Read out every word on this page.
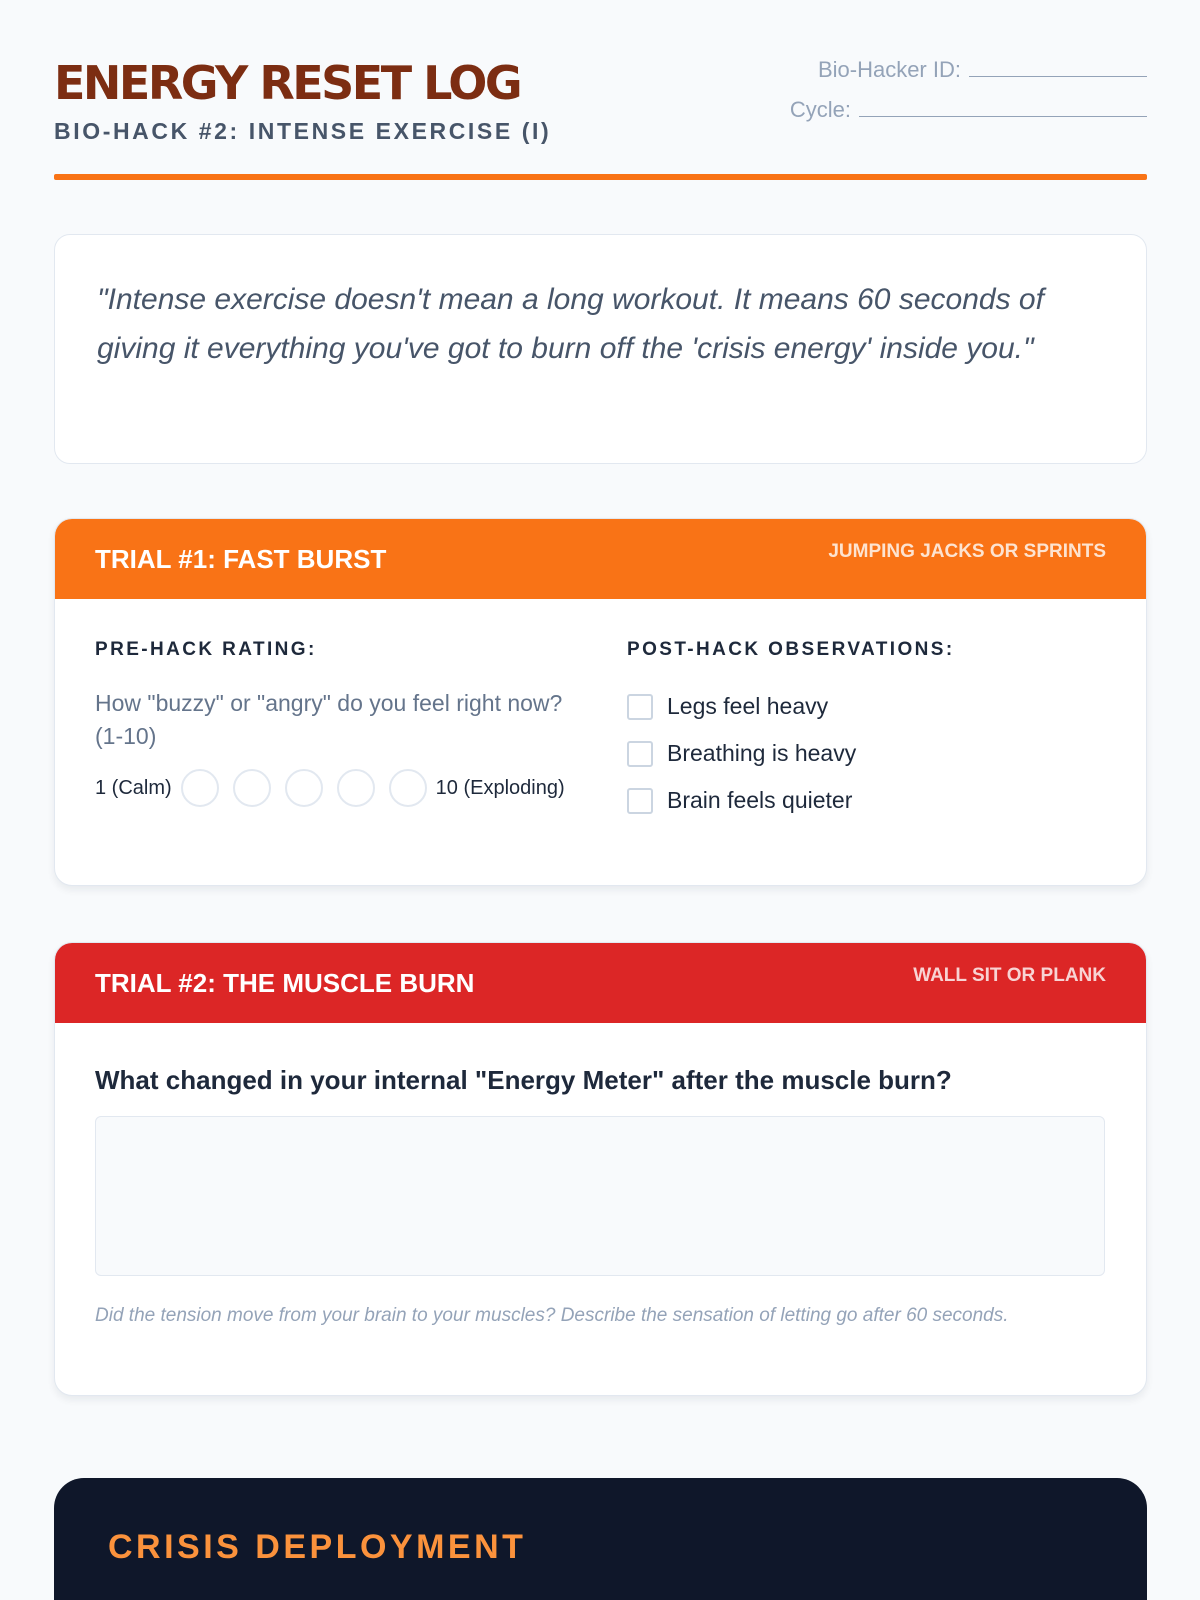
ENERGY RESET LOG
BIO-HACK #2: INTENSE EXERCISE (I)
Bio-Hacker ID:
Cycle:
"Intense exercise doesn't mean a long workout. It means 60 seconds of giving it everything you've got to burn off the 'crisis energy' inside you."
TRIAL #1: FAST BURST	JUMPING JACKS OR SPRINTS
PRE-HACK RATING:
How "buzzy" or "angry" do you feel right now? (1-10)
1 (Calm)	10 (Exploding)
POST-HACK OBSERVATIONS:
Legs feel heavy
Breathing is heavy
Brain feels quieter
TRIAL #2: THE MUSCLE BURN	WALL SIT OR PLANK
What changed in your internal "Energy Meter" after the muscle burn?
Did the tension move from your brain to your muscles? Describe the sensation of letting go after 60 seconds.
CRISIS DEPLOYMENT
